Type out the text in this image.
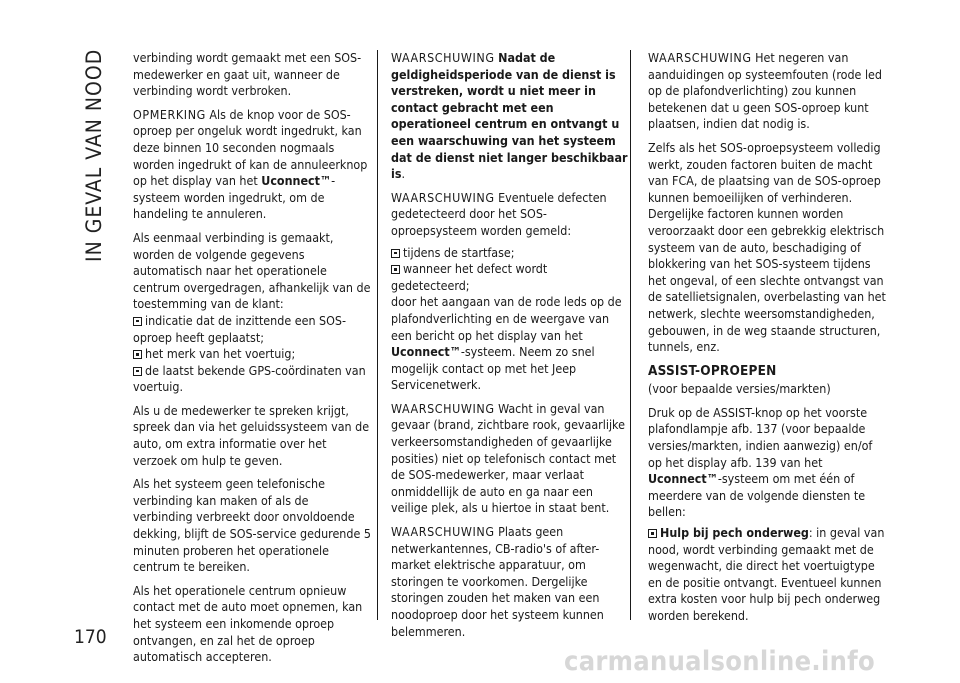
IN GEVAL VAN NOOD
170

verbinding wordt gemaakt met een SOS-medewerker en gaat uit, wanneer de verbinding wordt verbroken.

OPMERKING Als de knop voor de SOS-oproep per ongeluk wordt ingedrukt, kan deze binnen 10 seconden nogmaals worden ingedrukt of kan de annuleerknop op het display van het Uconnect™-systeem worden ingedrukt, om de handeling te annuleren.

Als eenmaal verbinding is gemaakt, worden de volgende gegevens automatisch naar het operationele centrum overgedragen, afhankelijk van de toestemming van de klant:

indicatie dat de inzittende een SOS-oproep heeft geplaatst;
het merk van het voertuig;
de laatst bekende GPS-coördinaten van voertuig.

Als u de medewerker te spreken krijgt, spreek dan via het geluidssysteem van de auto, om extra informatie over het verzoek om hulp te geven.

Als het systeem geen telefonische verbinding kan maken of als de verbinding verbreekt door onvoldoende dekking, blijft de SOS-service gedurende 5 minuten proberen het operationele centrum te bereiken.

Als het operationele centrum opnieuw contact met de auto moet opnemen, kan het systeem een inkomende oproep ontvangen, en zal het de oproep automatisch accepteren.

WAARSCHUWING Nadat de geldigheidsperiode van de dienst is verstreken, wordt u niet meer in contact gebracht met een operationeel centrum en ontvangt u een waarschuwing van het systeem dat de dienst niet langer beschikbaar is.

WAARSCHUWING Eventuele defecten gedetecteerd door het SOS-oproepsysteem worden gemeld:

tijdens de startfase;
wanneer het defect wordt gedetecteerd;

door het aangaan van de rode leds op de plafondverlichting en de weergave van een bericht op het display van het Uconnect™-systeem. Neem zo snel mogelijk contact op met het Jeep Servicenetwerk.

WAARSCHUWING Wacht in geval van gevaar (brand, zichtbare rook, gevaarlijke verkeersomstandigheden of gevaarlijke posities) niet op telefonisch contact met de SOS-medewerker, maar verlaat onmiddellijk de auto en ga naar een veilige plek, als u hiertoe in staat bent.

WAARSCHUWING Plaats geen netwerkantennes, CB-radio's of after-market elektrische apparatuur, om storingen te voorkomen. Dergelijke storingen zouden het maken van een noodoproep door het systeem kunnen belemmeren.

WAARSCHUWING Het negeren van aanduidingen op systeemfouten (rode led op de plafondverlichting) zou kunnen betekenen dat u geen SOS-oproep kunt plaatsen, indien dat nodig is.

Zelfs als het SOS-oproepsysteem volledig werkt, zouden factoren buiten de macht van FCA, de plaatsing van de SOS-oproep kunnen bemoeilijken of verhinderen. Dergelijke factoren kunnen worden veroorzaakt door een gebrekkig elektrisch systeem van de auto, beschadiging of blokkering van het SOS-systeem tijdens het ongeval, of een slechte ontvangst van de satellietsignalen, overbelasting van het netwerk, slechte weersomstandigheden, gebouwen, in de weg staande structuren, tunnels, enz.

ASSIST-OPROEPEN

(voor bepaalde versies/markten)

Druk op de ASSIST-knop op het voorste plafondlampje afb. 137 (voor bepaalde versies/markten, indien aanwezig) en/of op het display afb. 139 van het Uconnect™-systeem om met één of meerdere van de volgende diensten te bellen:

Hulp bij pech onderweg: in geval van nood, wordt verbinding gemaakt met de wegenwacht, die direct het voertuigtype en de positie ontvangt. Eventueel kunnen extra kosten voor hulp bij pech onderweg worden berekend.
carmanualsonline.info
